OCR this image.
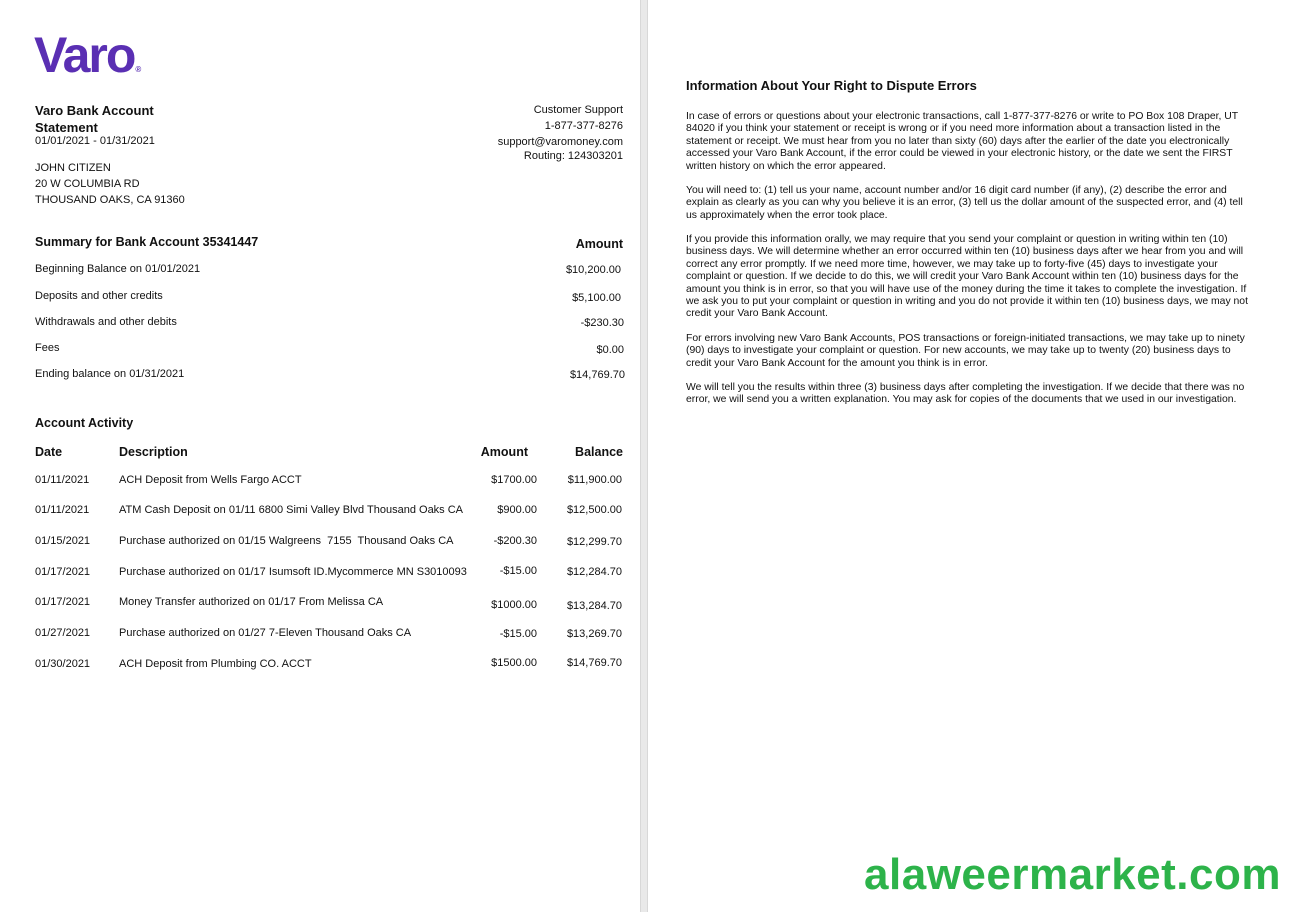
Varo®
Varo Bank Account
Statement
01/01/2021 - 01/31/2021
JOHN CITIZEN
20 W COLUMBIA RD
THOUSAND OAKS, CA 91360
Customer Support
1-877-377-8276
support@varomoney.com
Routing: 124303201
Summary for Bank Account 35341447	Amount
Beginning Balance on 01/01/2021	$10,200.00
Deposits and other credits	$5,100.00
Withdrawals and other debits	-$230.30
Fees	$0.00
Ending balance on 01/31/2021	$14,769.70
Account Activity
Date	Description	Amount	Balance
01/11/2021	ACH Deposit from Wells Fargo ACCT	$1700.00	$11,900.00
01/11/2021	ATM Cash Deposit on 01/11 6800 Simi Valley Blvd Thousand Oaks CA	$900.00	$12,500.00
01/15/2021	Purchase authorized on 01/15 Walgreens  7155  Thousand Oaks CA	-$200.30	$12,299.70
01/17/2021	Purchase authorized on 01/17 Isumsoft ID.Mycommerce MN S3010093	-$15.00	$12,284.70
01/17/2021	Money Transfer authorized on 01/17 From Melissa CA	$1000.00	$13,284.70
01/27/2021	Purchase authorized on 01/27 7-Eleven Thousand Oaks CA	-$15.00	$13,269.70
01/30/2021	ACH Deposit from Plumbing CO. ACCT	$1500.00	$14,769.70
Information About Your Right to Dispute Errors
In case of errors or questions about your electronic transactions, call 1-877-377-8276 or write to PO Box 108 Draper, UT 84020 if you think your statement or receipt is wrong or if you need more information about a transaction listed in the statement or receipt. We must hear from you no later than sixty (60) days after the earlier of the date you electronically accessed your Varo Bank Account, if the error could be viewed in your electronic history, or the date we sent the FIRST written history on which the error appeared.
You will need to: (1) tell us your name, account number and/or 16 digit card number (if any), (2) describe the error and explain as clearly as you can why you believe it is an error, (3) tell us the dollar amount of the suspected error, and (4) tell us approximately when the error took place.
If you provide this information orally, we may require that you send your complaint or question in writing within ten (10) business days. We will determine whether an error occurred within ten (10) business days after we hear from you and will correct any error promptly. If we need more time, however, we may take up to forty-five (45) days to investigate your complaint or question. If we decide to do this, we will credit your Varo Bank Account within ten (10) business days for the amount you think is in error, so that you will have use of the money during the time it takes to complete the investigation. If we ask you to put your complaint or question in writing and you do not provide it within ten (10) business days, we may not credit your Varo Bank Account.
For errors involving new Varo Bank Accounts, POS transactions or foreign-initiated transactions, we may take up to ninety (90) days to investigate your complaint or question. For new accounts, we may take up to twenty (20) business days to credit your Varo Bank Account for the amount you think is in error.
We will tell you the results within three (3) business days after completing the investigation. If we decide that there was no error, we will send you a written explanation. You may ask for copies of the documents that we used in our investigation.
alaweermarket.com
